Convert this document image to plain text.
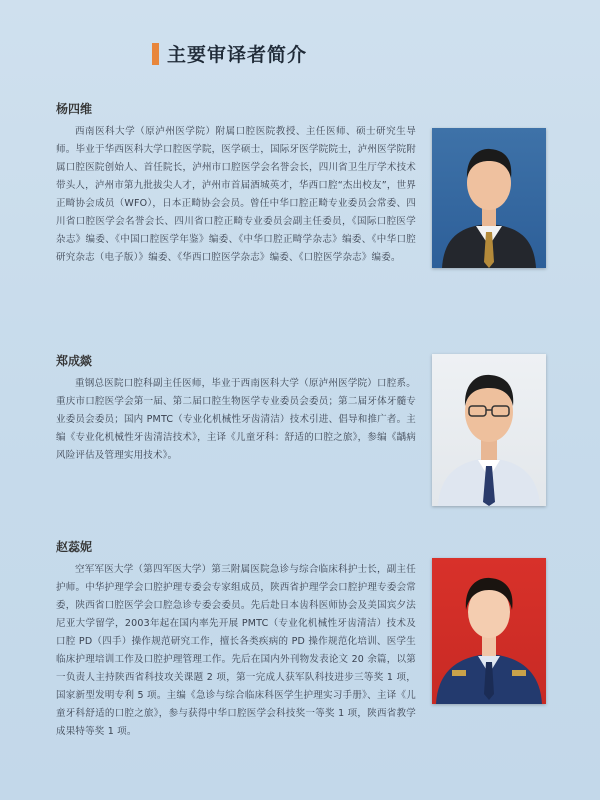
主要审译者简介
杨四维

西南医科大学（原泸州医学院）附属口腔医院教授、主任医师、硕士研究生导师。毕业于华西医科大学口腔医学院，医学硕士，国际牙医学院院士，泸州医学院附属口腔医院创始人、首任院长，泸州市口腔医学会名誉会长，四川省卫生厅学术技术带头人，泸州市第九批拔尖人才，泸州市首届酒城英才，华西口腔“杰出校友”，世界正畸协会成员（WFO），日本正畸协会会员。曾任中华口腔正畸专业委员会常委、四川省口腔医学会名誉会长、四川省口腔正畸专业委员会副主任委员，《国际口腔医学杂志》编委、《中国口腔医学年鉴》编委、《中华口腔正畸学杂志》编委、《中华口腔研究杂志（电子版）》编委、《华西口腔医学杂志》编委、《口腔医学杂志》编委。

郑成燚

重钢总医院口腔科副主任医师，毕业于西南医科大学（原泸州医学院）口腔系。重庆市口腔医学会第一届、第二届口腔生物医学专业委员会委员；第二届牙体牙髓专业委员会委员；国内 PMTC（专业化机械性牙齿清洁）技术引进、倡导和推广者。主编《专业化机械性牙齿清洁技术》，主译《儿童牙科：舒适的口腔之旅》，参编《龋病风险评估及管理实用技术》。

赵蕊妮

空军军医大学（第四军医大学）第三附属医院急诊与综合临床科护士长，副主任护师。中华护理学会口腔护理专委会专家组成员，陕西省护理学会口腔护理专委会常委，陕西省口腔医学会口腔急诊专委会委员。先后赴日本齿科医师协会及美国宾夕法尼亚大学留学，2003年起在国内率先开展 PMTC（专业化机械性牙齿清洁）技术及口腔 PD（四手）操作规范研究工作，擅长各类疾病的 PD 操作规范化培训、医学生临床护理培训工作及口腔护理管理工作。先后在国内外刊物发表论文 20 余篇，以第一负责人主持陕西省科技攻关课题 2 项，第一完成人获军队科技进步三等奖 1 项，国家新型发明专利 5 项。主编《急诊与综合临床科医学生护理实习手册》、主译《儿童牙科舒适的口腔之旅》，参与获得中华口腔医学会科技奖一等奖 1 项，陕西省教学成果特等奖 1 项。
